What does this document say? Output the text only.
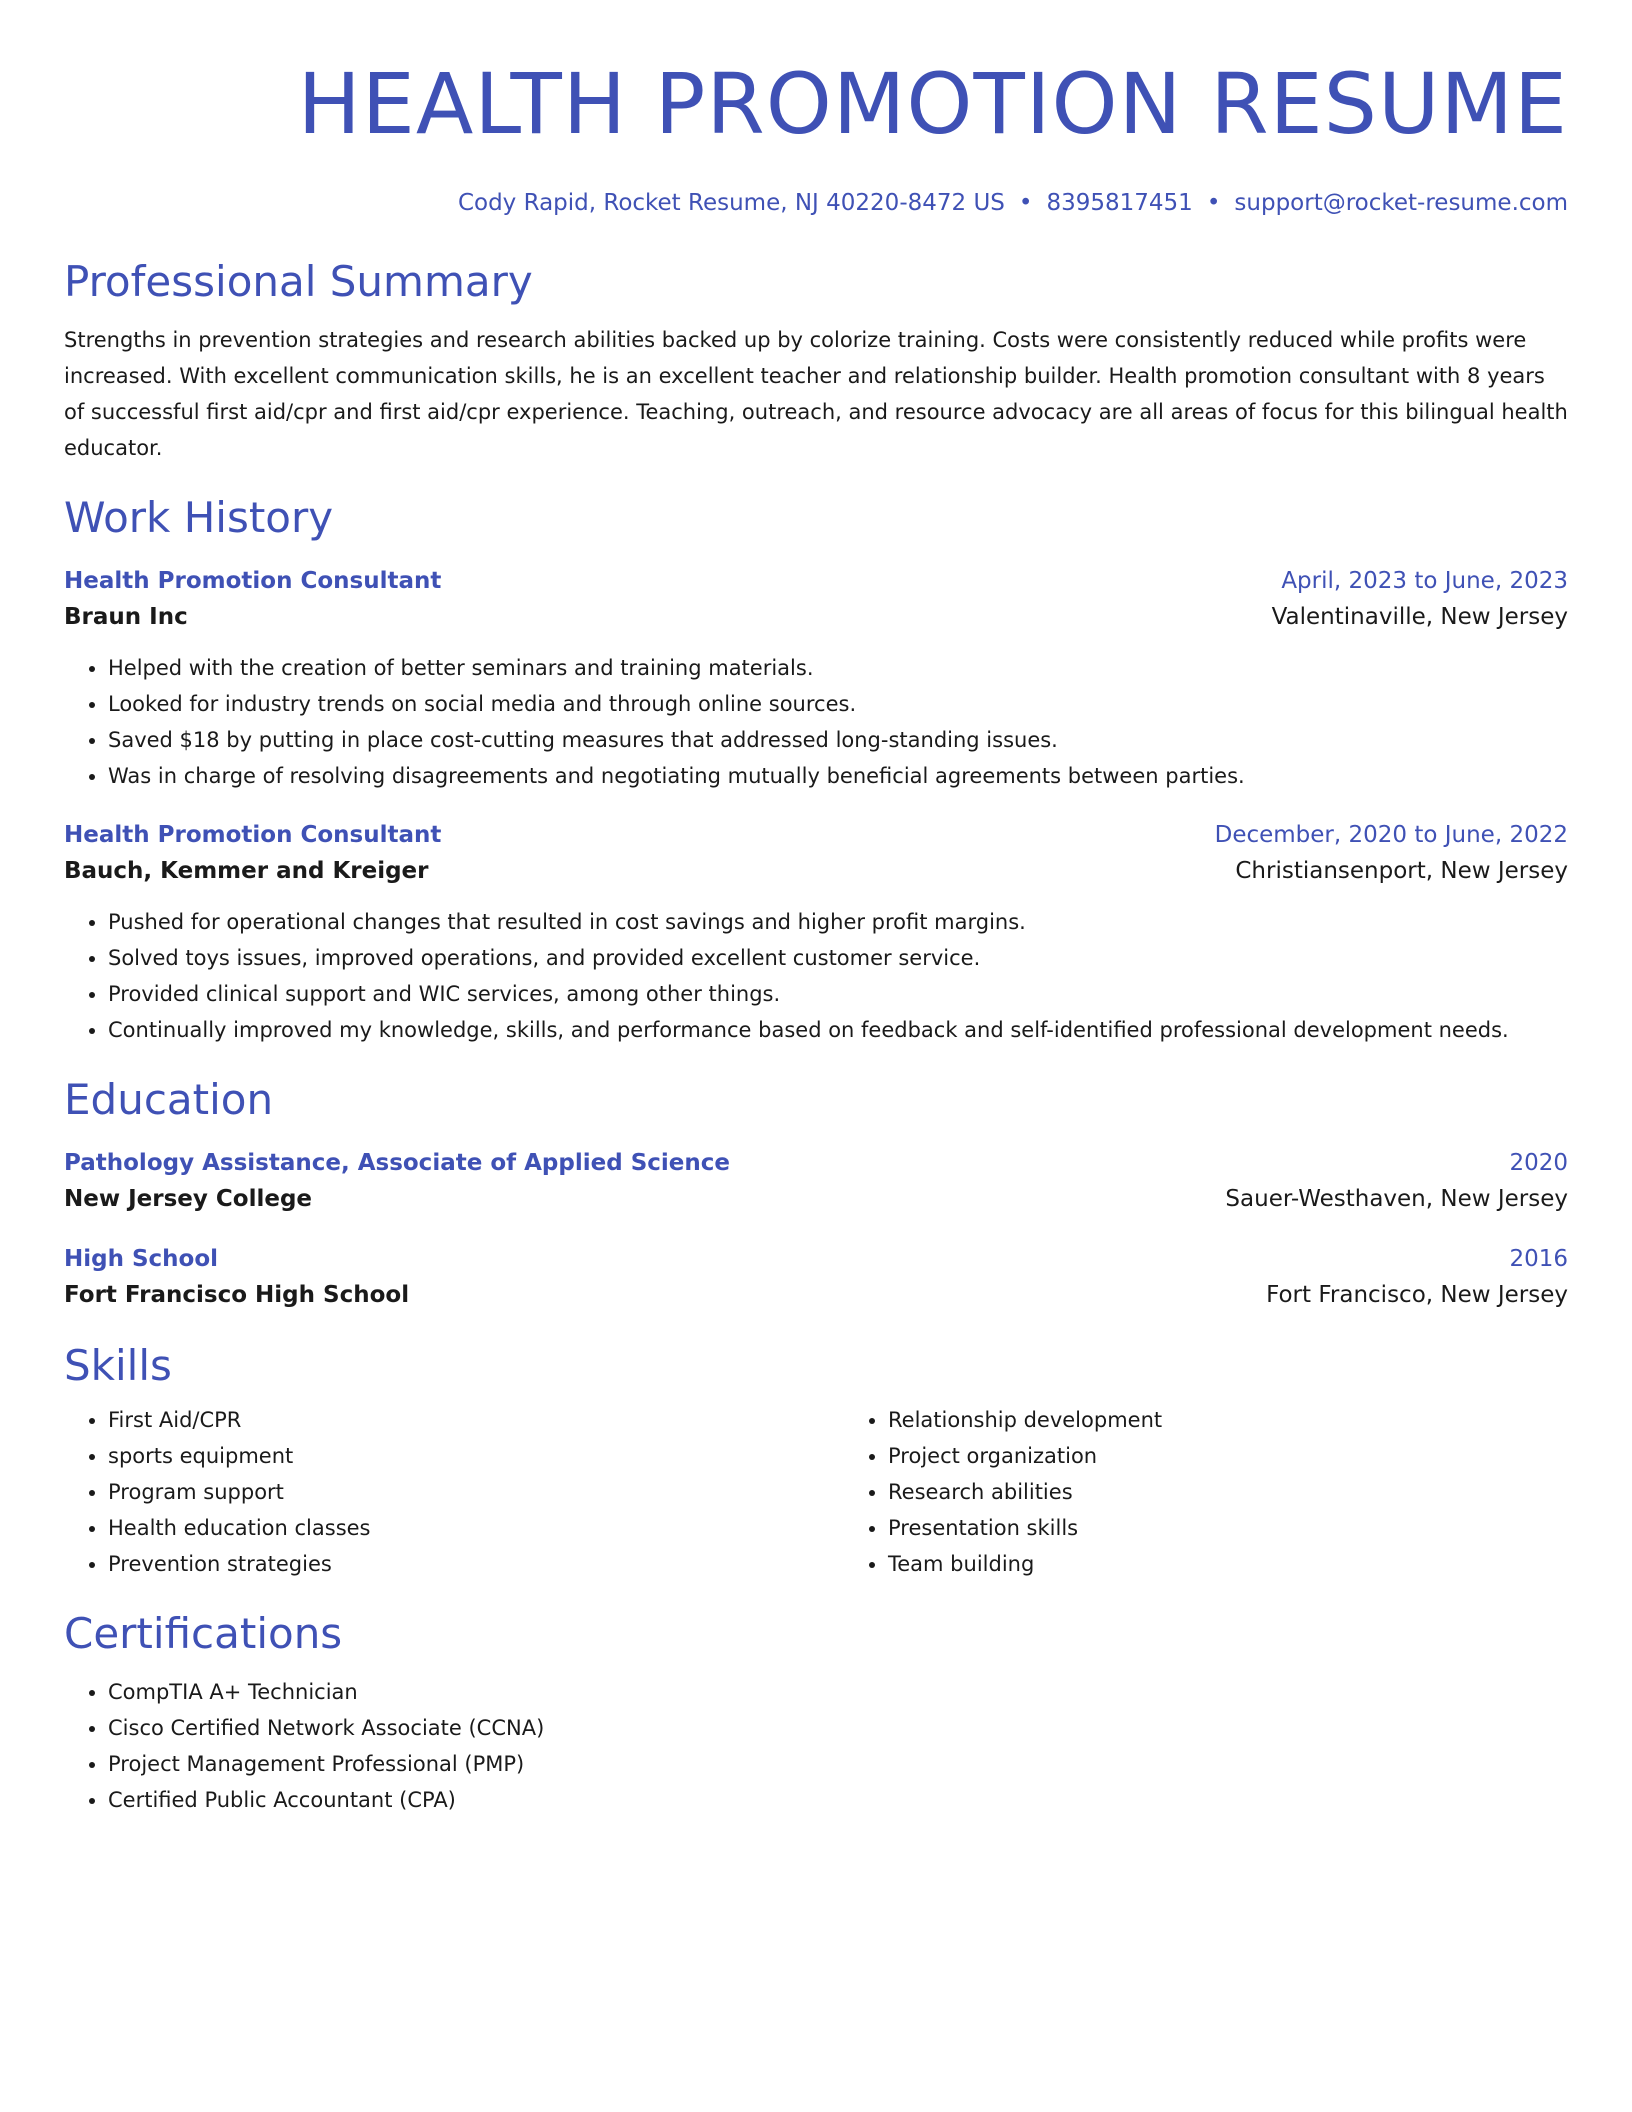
HEALTH PROMOTION RESUME
Cody Rapid, Rocket Resume, NJ 40220-8472 US • 8395817451 • support@rocket-resume.com
Professional Summary
Strengths in prevention strategies and research abilities backed up by colorize training. Costs were consistently reduced while profits were increased. With excellent communication skills, he is an excellent teacher and relationship builder. Health promotion consultant with 8 years of successful first aid/cpr and first aid/cpr experience. Teaching, outreach, and resource advocacy are all areas of focus for this bilingual health educator.
Work History
Health Promotion Consultant	April, 2023 to June, 2023
Braun Inc	Valentinaville, New Jersey
• Helped with the creation of better seminars and training materials.
• Looked for industry trends on social media and through online sources.
• Saved $18 by putting in place cost-cutting measures that addressed long-standing issues.
• Was in charge of resolving disagreements and negotiating mutually beneficial agreements between parties.
Health Promotion Consultant	December, 2020 to June, 2022
Bauch, Kemmer and Kreiger	Christiansenport, New Jersey
• Pushed for operational changes that resulted in cost savings and higher profit margins.
• Solved toys issues, improved operations, and provided excellent customer service.
• Provided clinical support and WIC services, among other things.
• Continually improved my knowledge, skills, and performance based on feedback and self-identified professional development needs.
Education
Pathology Assistance, Associate of Applied Science	2020
New Jersey College	Sauer-Westhaven, New Jersey
High School	2016
Fort Francisco High School	Fort Francisco, New Jersey
Skills
• First Aid/CPR
• sports equipment
• Program support
• Health education classes
• Prevention strategies
• Relationship development
• Project organization
• Research abilities
• Presentation skills
• Team building
Certifications
• CompTIA A+ Technician
• Cisco Certified Network Associate (CCNA)
• Project Management Professional (PMP)
• Certified Public Accountant (CPA)
